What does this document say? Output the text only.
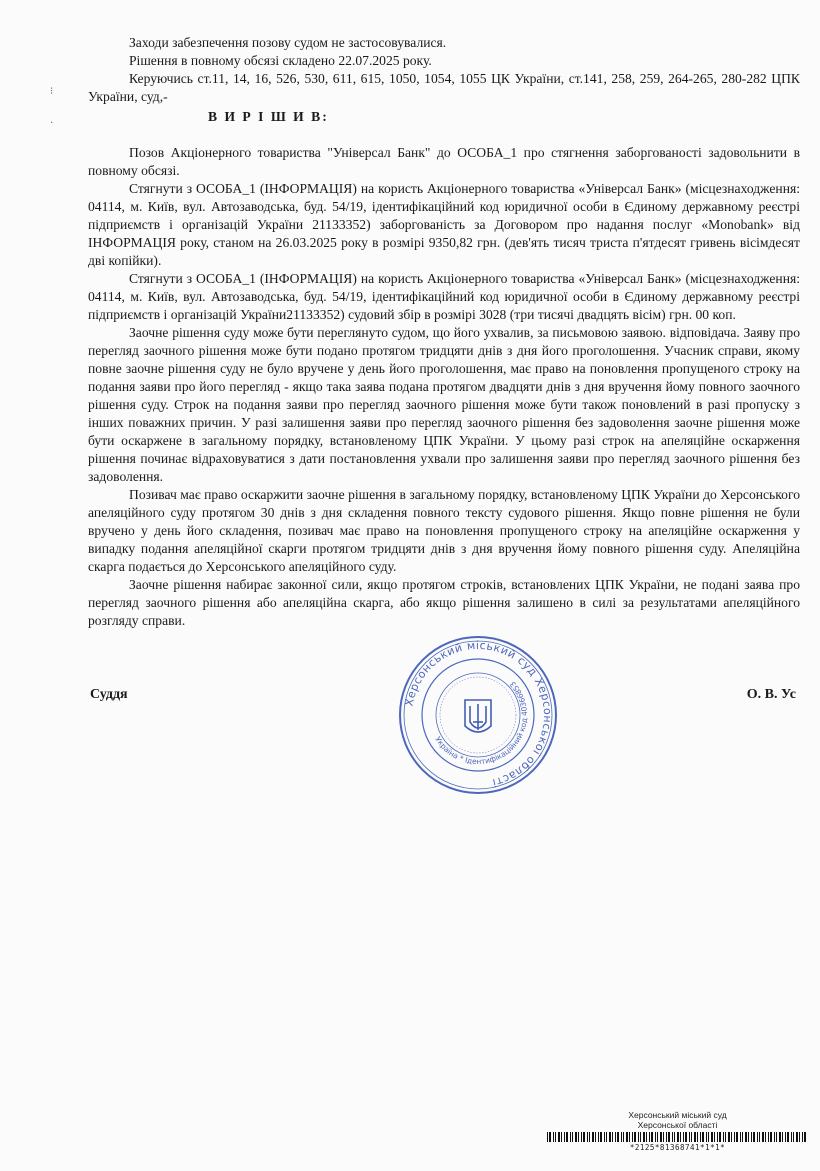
⁝
·

Заходи забезпечення позову судом не застосовувалися.

Рішення в повному обсязі складено 22.07.2025 року.

Керуючись ст.11, 14, 16, 526, 530, 611, 615, 1050, 1054, 1055 ЦК України, ст.141, 258, 259, 264-265, 280-282 ЦПК України, суд,-

В И Р І Ш И В:

Позов Акціонерного товариства "Універсал Банк" до ОСОБА_1 про стягнення заборгованості задовольнити в повному обсязі.

Стягнути з ОСОБА_1 (ІНФОРМАЦІЯ) на користь Акціонерного товариства «Універсал Банк» (місцезнаходження: 04114, м. Київ, вул. Автозаводська, буд. 54/19, ідентифікаційний код юридичної особи в Єдиному державному реєстрі підприємств і організацій України 21133352) заборгованість за Договором про надання послуг «Monobank» від ІНФОРМАЦІЯ року, станом на 26.03.2025 року в розмірі 9350,82 грн. (дев'ять тисяч триста п'ятдесят гривень вісімдесят дві копійки).

Стягнути з ОСОБА_1 (ІНФОРМАЦІЯ) на користь Акціонерного товариства «Універсал Банк» (місцезнаходження: 04114, м. Київ, вул. Автозаводська, буд. 54/19, ідентифікаційний код юридичної особи в Єдиному державному реєстрі підприємств і організацій України21133352) судовий збір в розмірі 3028 (три тисячі двадцять вісім) грн. 00 коп.

Заочне рішення суду може бути переглянуто судом, що його ухвалив, за письмовою заявою. відповідача. Заяву про перегляд заочного рішення може бути подано протягом тридцяти днів з дня його проголошення. Учасник справи, якому повне заочне рішення суду не було вручене у день його проголошення, має право на поновлення пропущеного строку на подання заяви про його перегляд - якщо така заява подана протягом двадцяти днів з дня вручення йому повного заочного рішення суду. Строк на подання заяви про перегляд заочного рішення може бути також поновлений в разі пропуску з інших поважних причин. У разі залишення заяви про перегляд заочного рішення без задоволення заочне рішення може бути оскаржене в загальному порядку, встановленому ЦПК України. У цьому разі строк на апеляційне оскарження рішення починає відраховуватися з дати постановлення ухвали про залишення заяви про перегляд заочного рішення без задоволення.

Позивач має право оскаржити заочне рішення в загальному порядку, встановленому ЦПК України до Херсонського апеляційного суду протягом 30 днів з дня складення повного тексту судового рішення. Якщо повне рішення не були вручено у день його складення, позивач має право на поновлення пропущеного строку на апеляційне оскарження у випадку подання апеляційної скарги протягом тридцяти днів з дня вручення йому повного рішення суду. Апеляційна скарга подається до Херсонського апеляційного суду.

Заочне рішення набирає законної сили, якщо протягом строків, встановлених ЦПК України, не подані заява про перегляд заочного рішення або апеляційна скарга, або якщо рішення залишено в силі за результатами апеляційного розгляду справи.

Суддя	О. В. Ус
Херсонський міський суд Херсонської області
Україна * Ідентифікаційний код 40366853
Херсонський міський суд
Херсонської області
*2125*81368741*1*1*
